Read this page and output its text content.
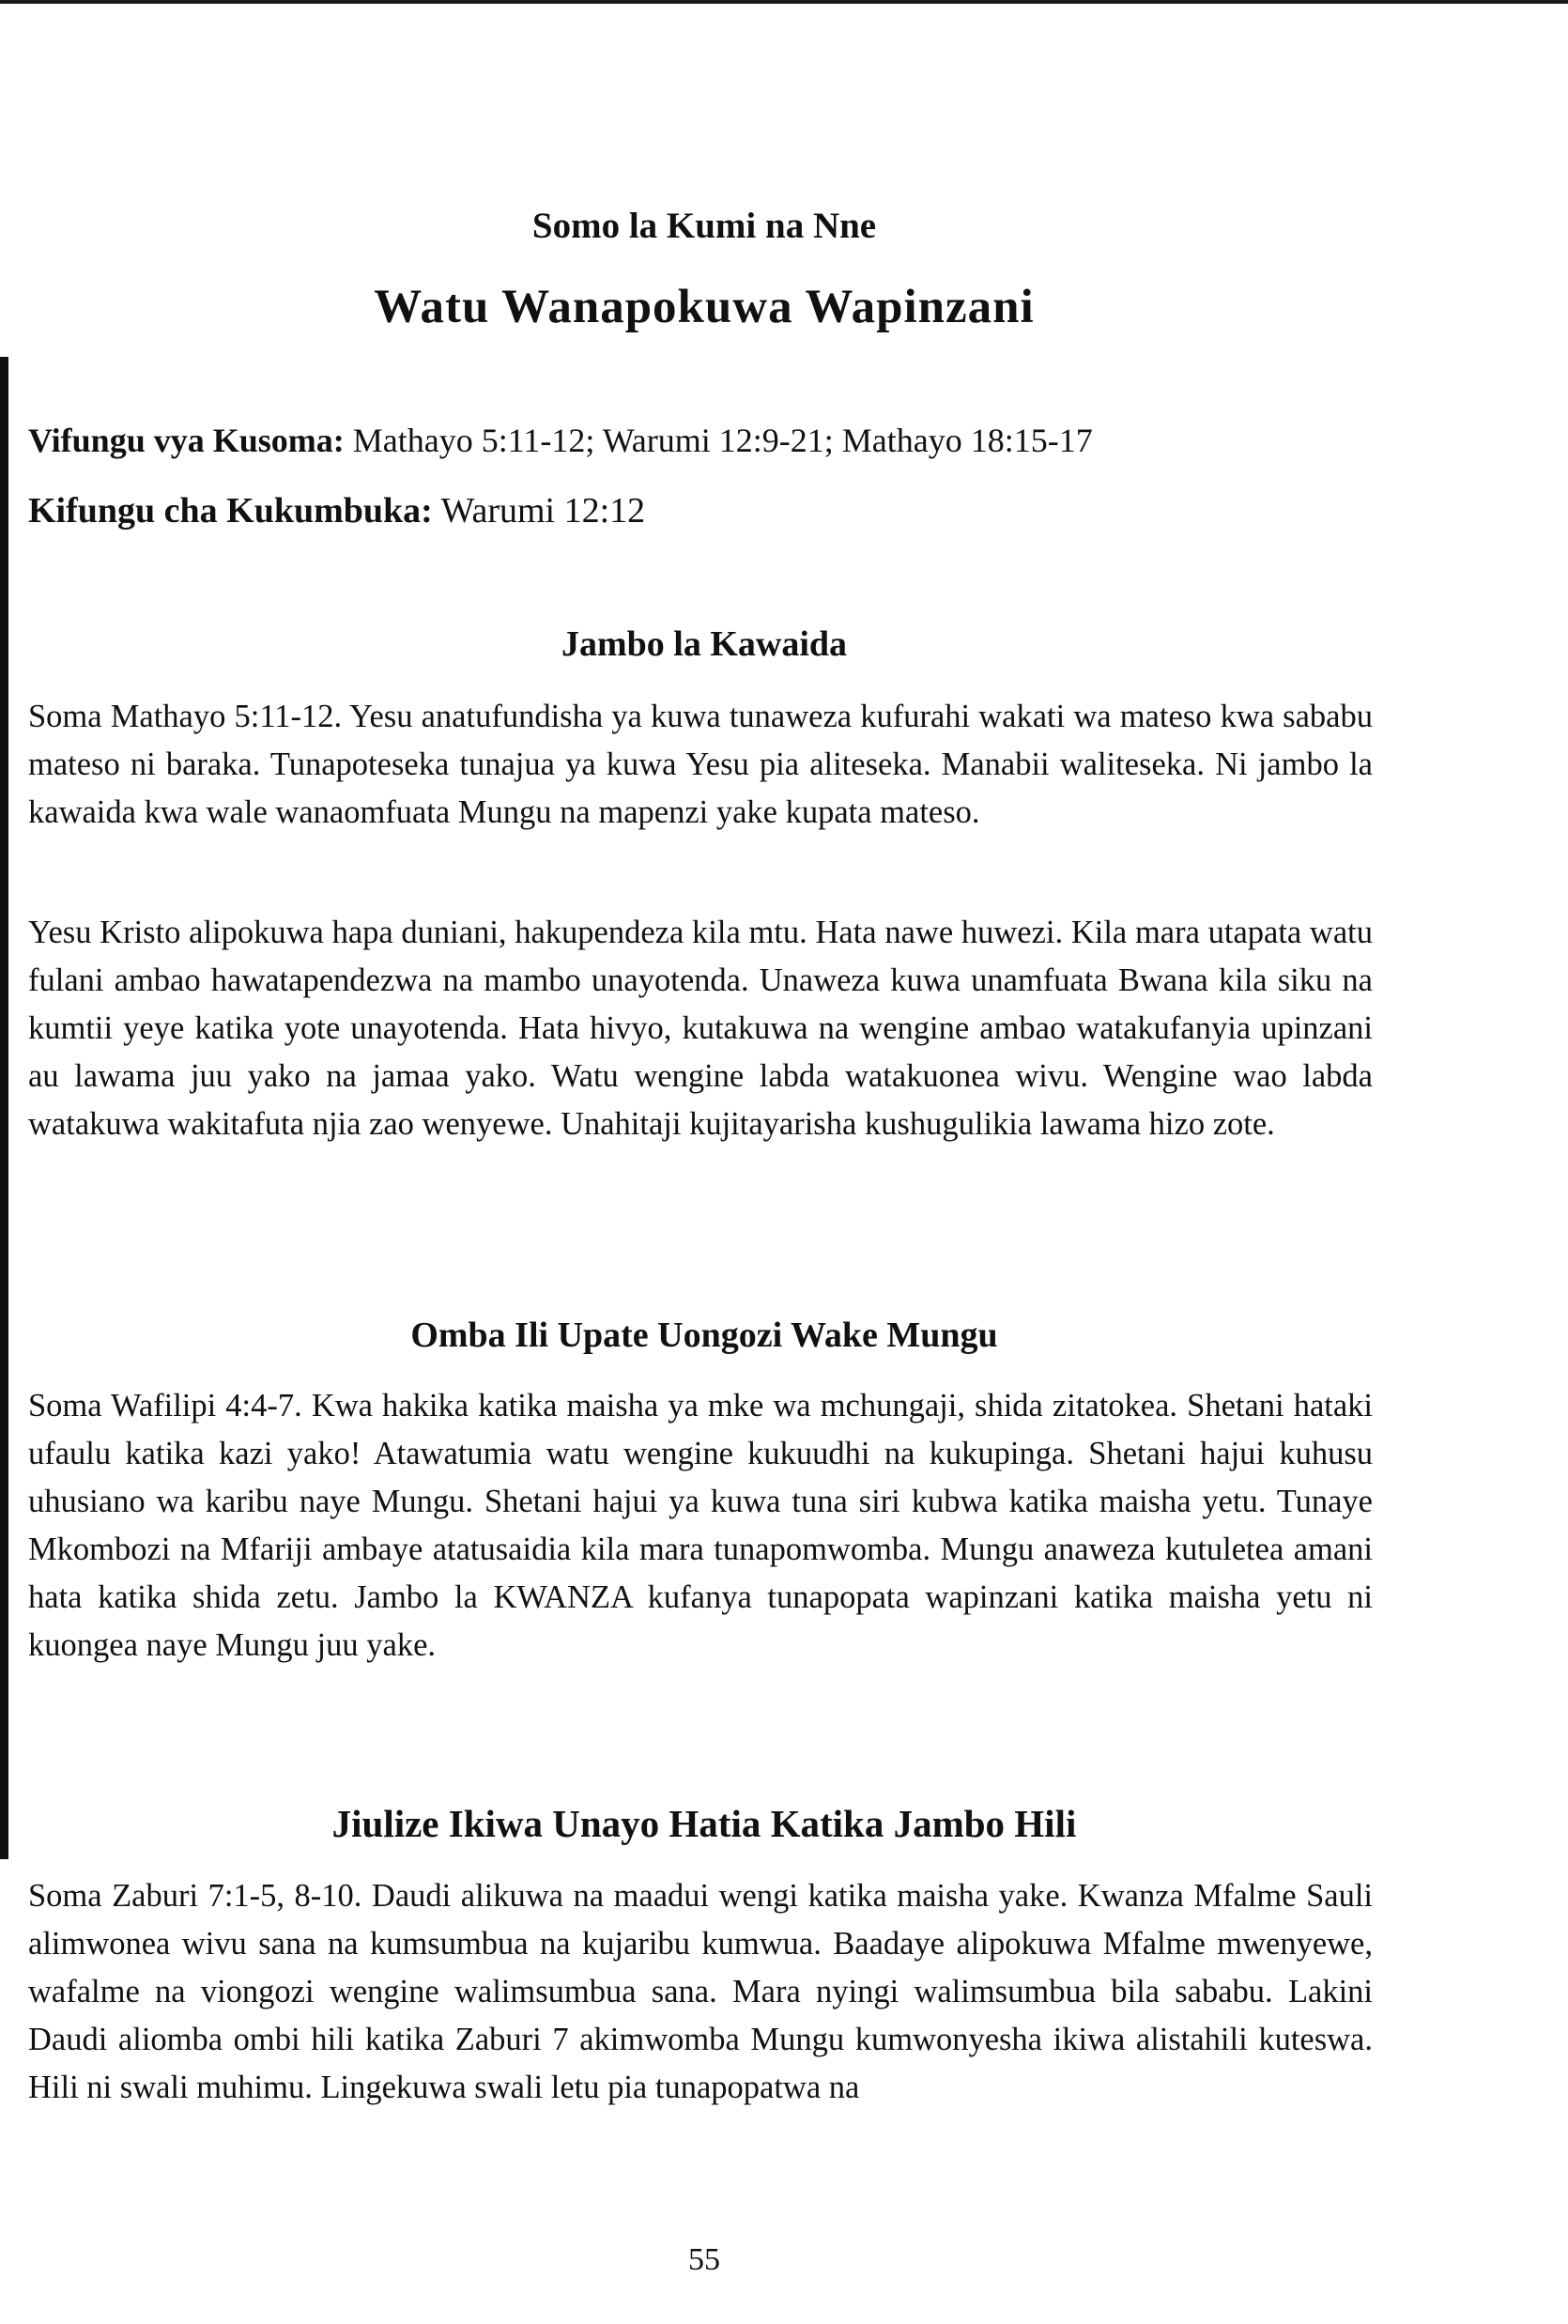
Somo la Kumi na Nne
Watu Wanapokuwa Wapinzani
Vifungu vya Kusoma: Mathayo 5:11-12; Warumi 12:9-21; Mathayo 18:15-17
Kifungu cha Kukumbuka: Warumi 12:12
Jambo la Kawaida

Soma Mathayo 5:11-12. Yesu anatufundisha ya kuwa tunaweza kufurahi wakati wa mateso kwa sababu mateso ni baraka. Tunapoteseka tunajua ya kuwa Yesu pia aliteseka. Manabii waliteseka. Ni jambo la kawaida kwa wale wanaomfuata Mungu na mapenzi yake kupata mateso.

Yesu Kristo alipokuwa hapa duniani, hakupendeza kila mtu. Hata nawe huwezi. Kila mara utapata watu fulani ambao hawatapendezwa na mambo unayotenda. Unaweza kuwa unamfuata Bwana kila siku na kumtii yeye katika yote unayotenda. Hata hivyo, kutakuwa na wengine ambao watakufanyia upinzani au lawama juu yako na jamaa yako. Watu wengine labda watakuonea wivu. Wengine wao labda watakuwa wakitafuta njia zao wenyewe. Unahitaji kujitayarisha kushugulikia lawama hizo zote.

Omba Ili Upate Uongozi Wake Mungu

Soma Wafilipi 4:4-7. Kwa hakika katika maisha ya mke wa mchungaji, shida zitatokea. Shetani hataki ufaulu katika kazi yako! Atawatumia watu wengine kukuudhi na kukupinga. Shetani hajui kuhusu uhusiano wa karibu naye Mungu. Shetani hajui ya kuwa tuna siri kubwa katika maisha yetu. Tunaye Mkombozi na Mfariji ambaye atatusaidia kila mara tunapomwomba. Mungu anaweza kutuletea amani hata katika shida zetu. Jambo la KWANZA kufanya tunapopata wapinzani katika maisha yetu ni kuongea naye Mungu juu yake.

Jiulize Ikiwa Unayo Hatia Katika Jambo Hili

Soma Zaburi 7:1-5, 8-10. Daudi alikuwa na maadui wengi katika maisha yake. Kwanza Mfalme Sauli alimwonea wivu sana na kumsumbua na kujaribu kumwua. Baadaye alipokuwa Mfalme mwenyewe, wafalme na viongozi wengine walimsumbua sana. Mara nyingi walimsumbua bila sababu. Lakini Daudi aliomba ombi hili katika Zaburi 7 akimwomba Mungu kumwonyesha ikiwa alistahili kuteswa. Hili ni swali muhimu. Lingekuwa swali letu pia tunapopatwa na

55
